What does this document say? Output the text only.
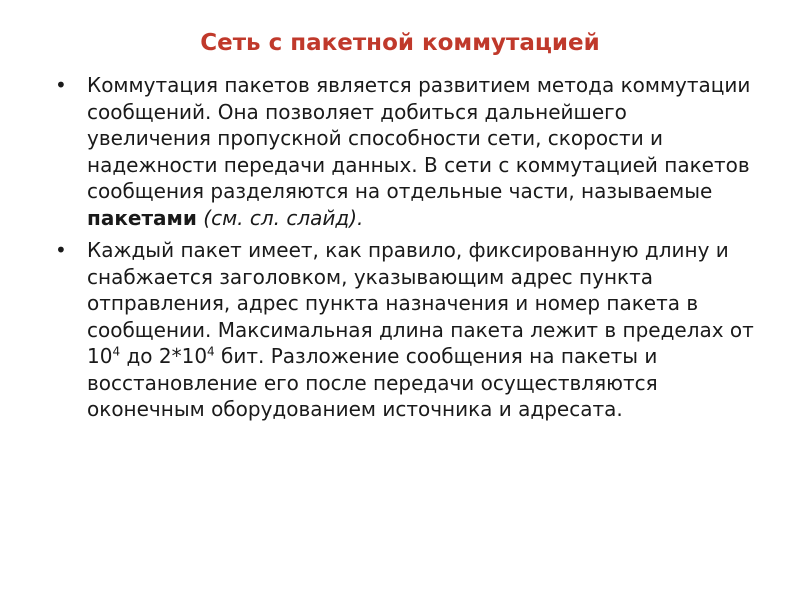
Сеть с пакетной коммутацией
• Коммутация пакетов является развитием метода коммутации сообщений. Она позволяет добиться дальнейшего увеличения пропускной способности сети, скорости и надежности передачи данных. В сети с коммутацией пакетов сообщения разделяются на отдельные части, называемые пакетами (см. сл. слайд).
• Каждый пакет имеет, как правило, фиксированную длину и снабжается заголовком, указывающим адрес пункта отправления, адрес пункта назначения и номер пакета в сообщении. Максимальная длина пакета лежит в пределах от $10^4$ до $2*10^4$ бит. Разложение сообщения на пакеты и восстановление его после передачи осуществляются оконечным оборудованием источника и адресата.
